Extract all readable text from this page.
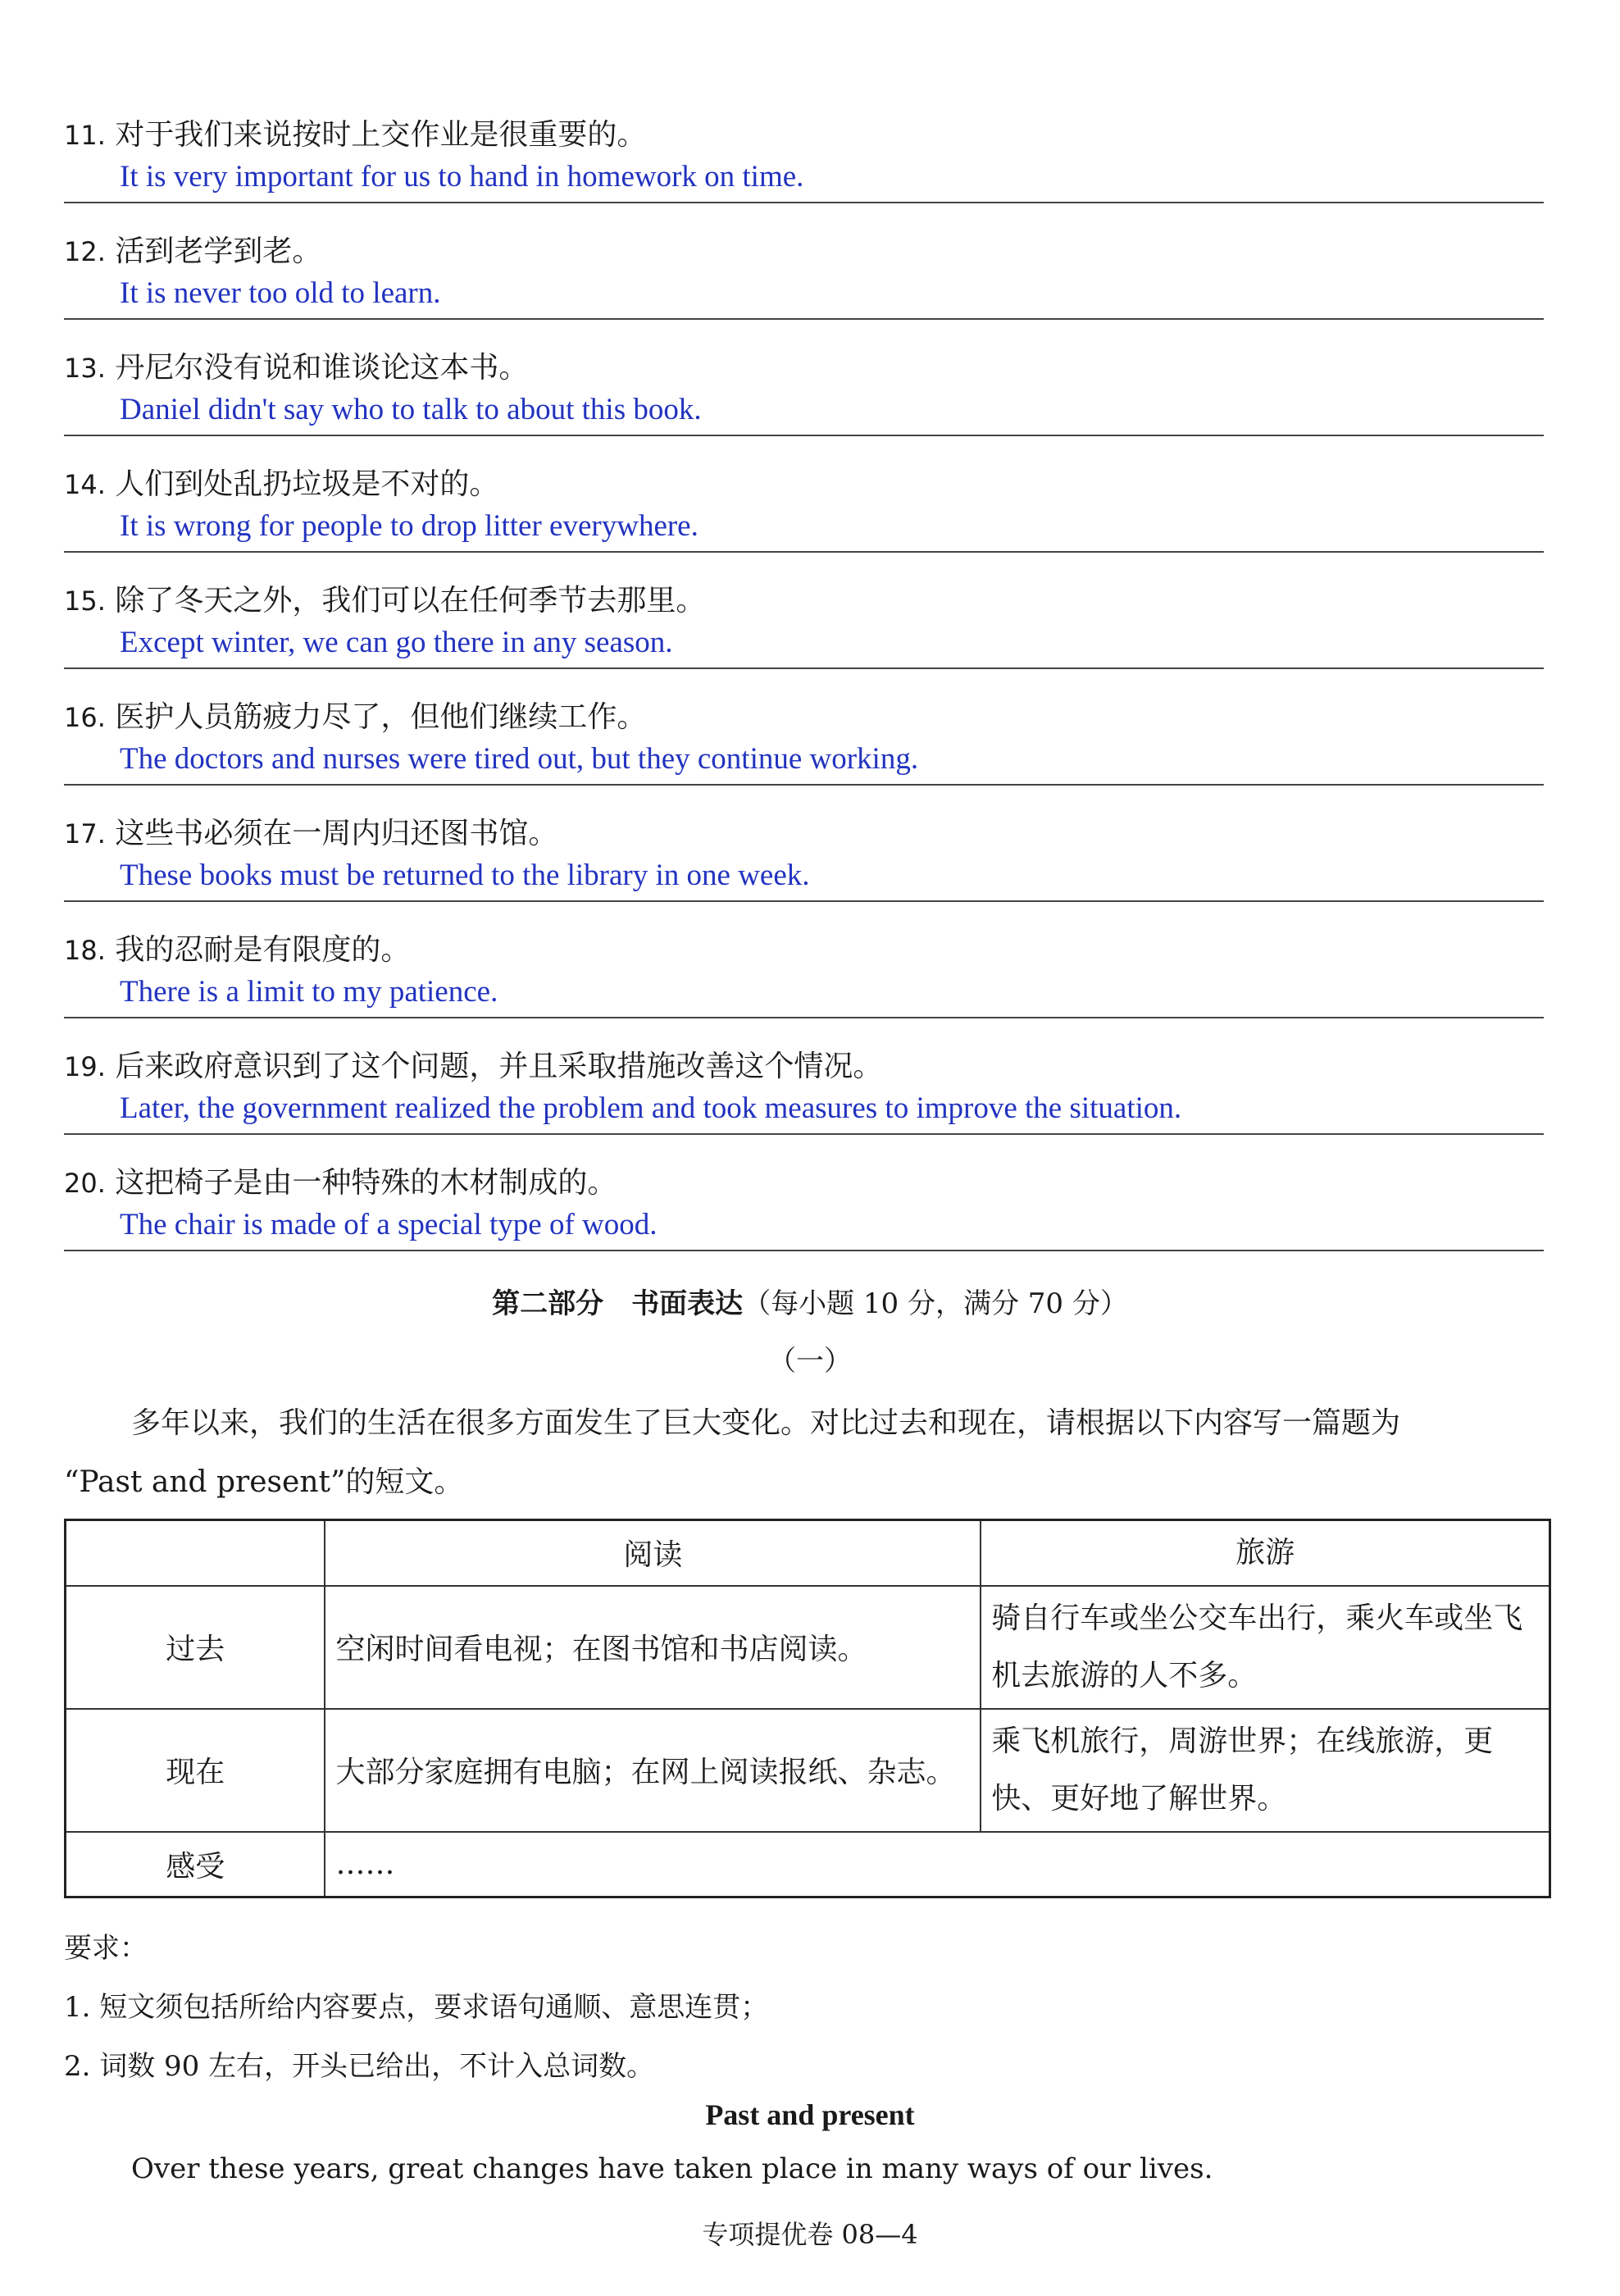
11. 对于我们来说按时上交作业是很重要的。
It is very important for us to hand in homework on time.
12. 活到老学到老。
It is never too old to learn.
13. 丹尼尔没有说和谁谈论这本书。
Daniel didn't say who to talk to about this book.
14. 人们到处乱扔垃圾是不对的。
It is wrong for people to drop litter everywhere.
15. 除了冬天之外，我们可以在任何季节去那里。
Except winter, we can go there in any season.
16. 医护人员筋疲力尽了，但他们继续工作。
The doctors and nurses were tired out, but they continue working.
17. 这些书必须在一周内归还图书馆。
These books must be returned to the library in one week.
18. 我的忍耐是有限度的。
There is a limit to my patience.
19. 后来政府意识到了这个问题，并且采取措施改善这个情况。
Later, the government realized the problem and took measures to improve the situation.
20. 这把椅子是由一种特殊的木材制成的。
The chair is made of a special type of wood.
第二部分　书面表达（每小题 10 分，满分 70 分）
（一）
多年以来，我们的生活在很多方面发生了巨大变化。对比过去和现在，请根据以下内容写一篇题为
“Past and present”的短文。
	阅读	旅游
过去	空闲时间看电视；在图书馆和书店阅读。	骑自行车或坐公交车出行，乘火车或坐飞机去旅游的人不多。
现在	大部分家庭拥有电脑；在网上阅读报纸、杂志。	乘飞机旅行，周游世界；在线旅游，更快、更好地了解世界。
感受	……	
要求：
1. 短文须包括所给内容要点，要求语句通顺、意思连贯；
2. 词数 90 左右，开头已给出，不计入总词数。
Past and present
Over these years, great changes have taken place in many ways of our lives.
专项提优卷 08—4
